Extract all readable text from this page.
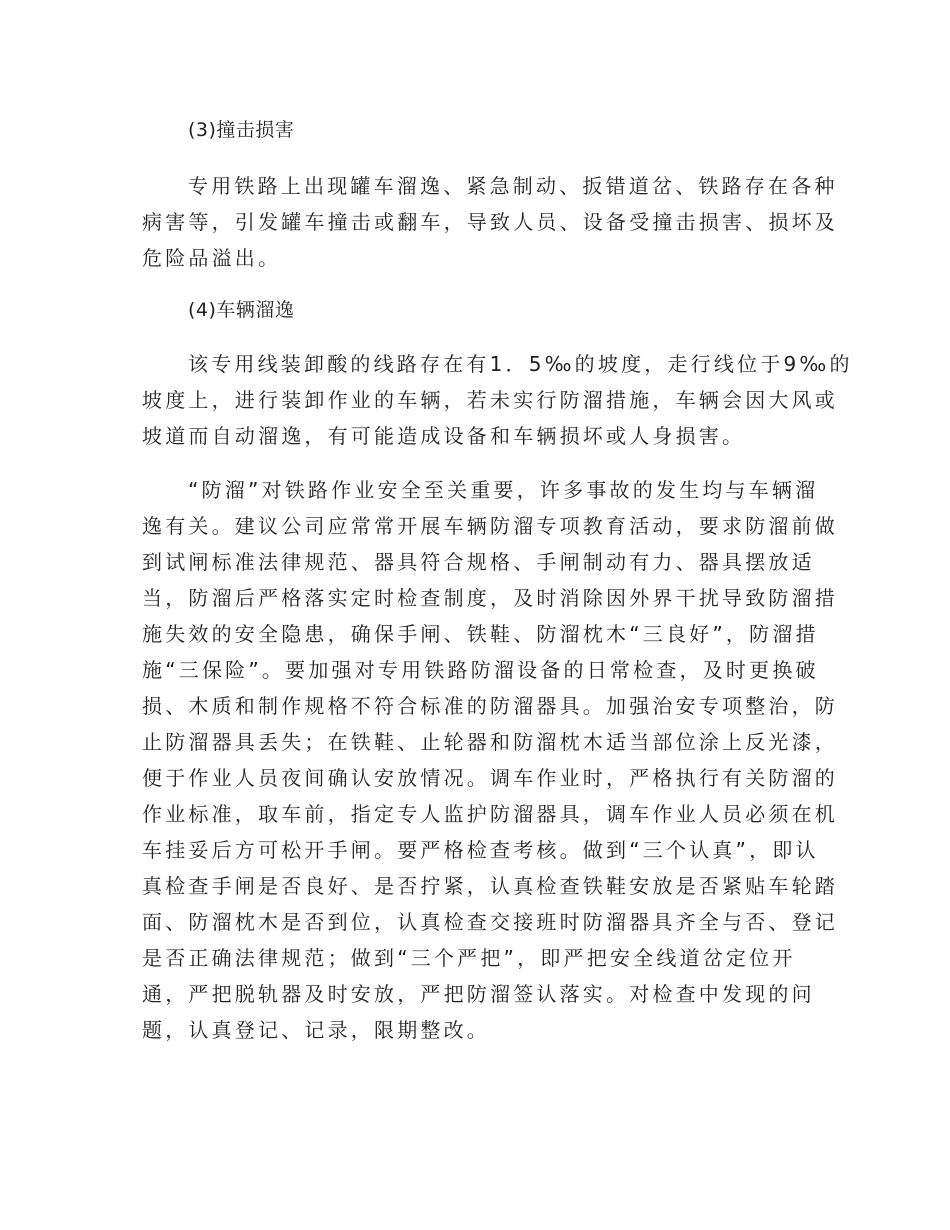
(3)撞击损害
专用铁路上出现罐车溜逸、紧急制动、扳错道岔、铁路存在各种
病害等，引发罐车撞击或翻车，导致人员、设备受撞击损害、损坏及
危险品溢出。
(4)车辆溜逸
该专用线装卸酸的线路存在有1．5‰的坡度，走行线位于9‰的
坡度上，进行装卸作业的车辆，若未实行防溜措施，车辆会因大风或
坡道而自动溜逸，有可能造成设备和车辆损坏或人身损害。
“防溜”对铁路作业安全至关重要，许多事故的发生均与车辆溜
逸有关。建议公司应常常开展车辆防溜专项教育活动，要求防溜前做
到试闸标准法律规范、器具符合规格、手闸制动有力、器具摆放适
当，防溜后严格落实定时检查制度，及时消除因外界干扰导致防溜措
施失效的安全隐患，确保手闸、铁鞋、防溜枕木“三良好”，防溜措
施“三保险”。要加强对专用铁路防溜设备的日常检查，及时更换破
损、木质和制作规格不符合标准的防溜器具。加强治安专项整治，防
止防溜器具丢失；在铁鞋、止轮器和防溜枕木适当部位涂上反光漆，
便于作业人员夜间确认安放情况。调车作业时，严格执行有关防溜的
作业标准，取车前，指定专人监护防溜器具，调车作业人员必须在机
车挂妥后方可松开手闸。要严格检查考核。做到“三个认真”，即认
真检查手闸是否良好、是否拧紧，认真检查铁鞋安放是否紧贴车轮踏
面、防溜枕木是否到位，认真检查交接班时防溜器具齐全与否、登记
是否正确法律规范；做到“三个严把”，即严把安全线道岔定位开
通，严把脱轨器及时安放，严把防溜签认落实。对检查中发现的问
题，认真登记、记录，限期整改。
